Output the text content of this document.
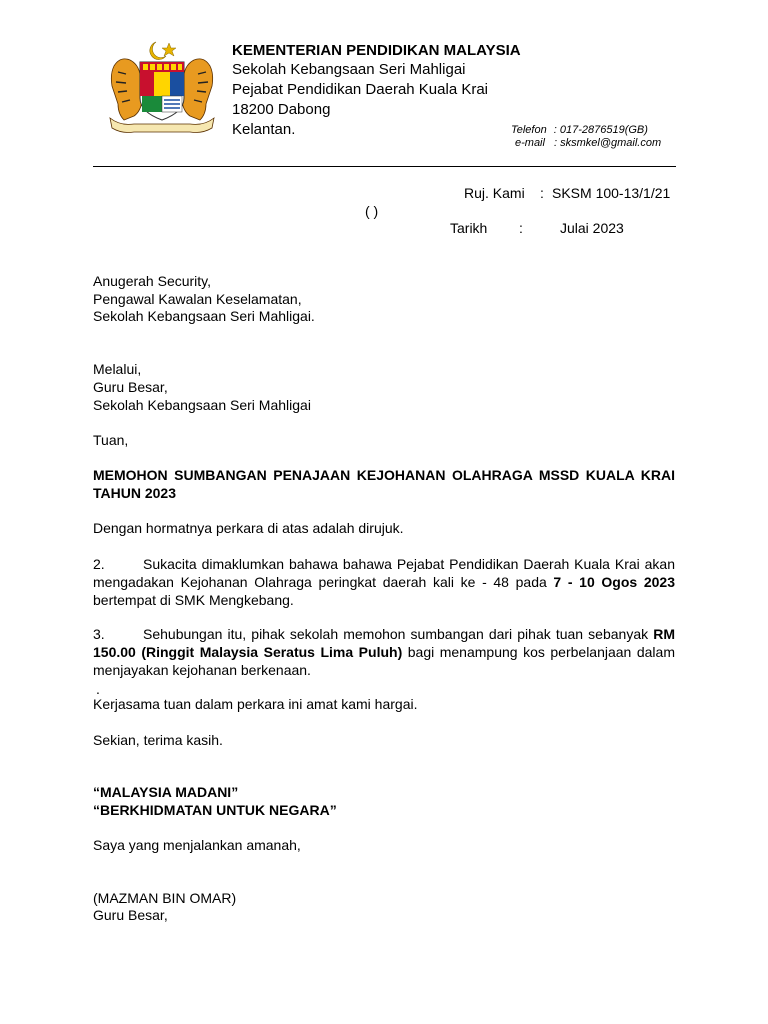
KEMENTERIAN PENDIDIKAN MALAYSIA
Sekolah Kebangsaan Seri Mahligai
Pejabat Pendidikan Daerah Kuala Krai
18200 Dabong
Kelantan.	Telefon : 017-2876519(GB)
e-mail : sksmkel@gmail.com
Ruj. Kami : SKSM 100-13/1/21
( )
Tarikh :	Julai 2023
Anugerah Security,
Pengawal Kawalan Keselamatan,
Sekolah Kebangsaan Seri Mahligai.
Melalui,
Guru Besar,
Sekolah Kebangsaan Seri Mahligai
Tuan,
MEMOHON SUMBANGAN PENAJAAN KEJOHANAN OLAHRAGA MSSD KUALA KRAI TAHUN 2023
Dengan hormatnya perkara di atas adalah dirujuk.
2.	Sukacita dimaklumkan bahawa bahawa Pejabat Pendidikan Daerah Kuala Krai akan mengadakan Kejohanan Olahraga peringkat daerah kali ke - 48 pada 7 - 10 Ogos 2023 bertempat di SMK Mengkebang.
3.	Sehubungan itu, pihak sekolah memohon sumbangan dari pihak tuan sebanyak RM 150.00 (Ringgit Malaysia Seratus Lima Puluh) bagi menampung kos perbelanjaan dalam menjayakan kejohanan berkenaan.
.
Kerjasama tuan dalam perkara ini amat kami hargai.
Sekian, terima kasih.
“MALAYSIA MADANI”
“BERKHIDMATAN UNTUK NEGARA”
Saya yang menjalankan amanah,
(MAZMAN BIN OMAR)
Guru Besar,
